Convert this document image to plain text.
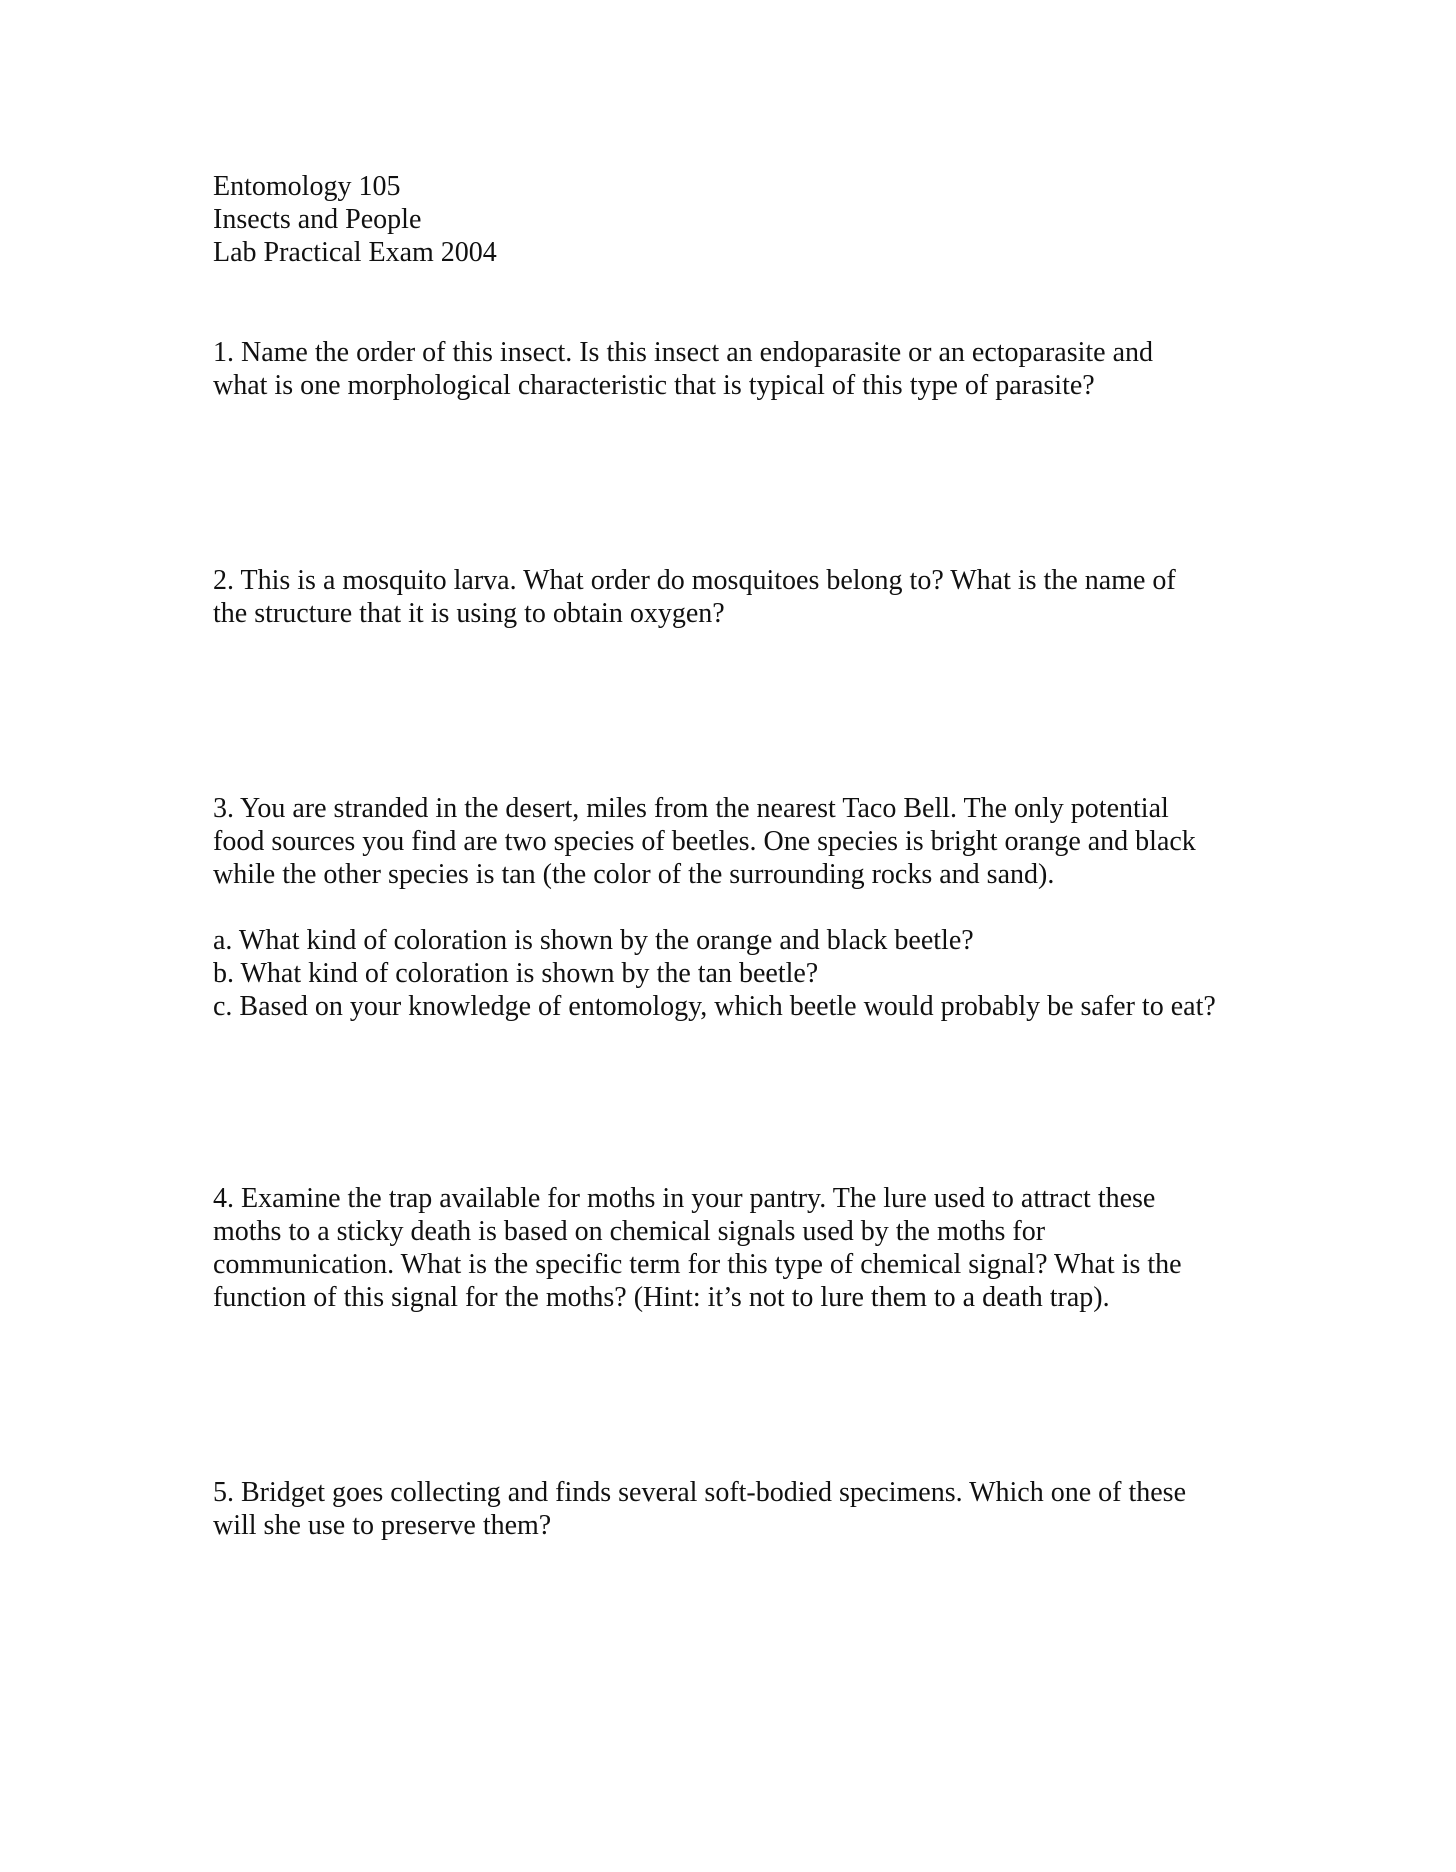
Entomology 105
Insects and People
Lab Practical Exam 2004
1. Name the order of this insect. Is this insect an endoparasite or an ectoparasite and
what is one morphological characteristic that is typical of this type of parasite?
2. This is a mosquito larva. What order do mosquitoes belong to? What is the name of
the structure that it is using to obtain oxygen?
3. You are stranded in the desert, miles from the nearest Taco Bell. The only potential
food sources you find are two species of beetles. One species is bright orange and black
while the other species is tan (the color of the surrounding rocks and sand).
a. What kind of coloration is shown by the orange and black beetle?
b. What kind of coloration is shown by the tan beetle?
c. Based on your knowledge of entomology, which beetle would probably be safer to eat?
4. Examine the trap available for moths in your pantry. The lure used to attract these
moths to a sticky death is based on chemical signals used by the moths for
communication. What is the specific term for this type of chemical signal? What is the
function of this signal for the moths? (Hint: it’s not to lure them to a death trap).
5. Bridget goes collecting and finds several soft-bodied specimens. Which one of these
will she use to preserve them?
